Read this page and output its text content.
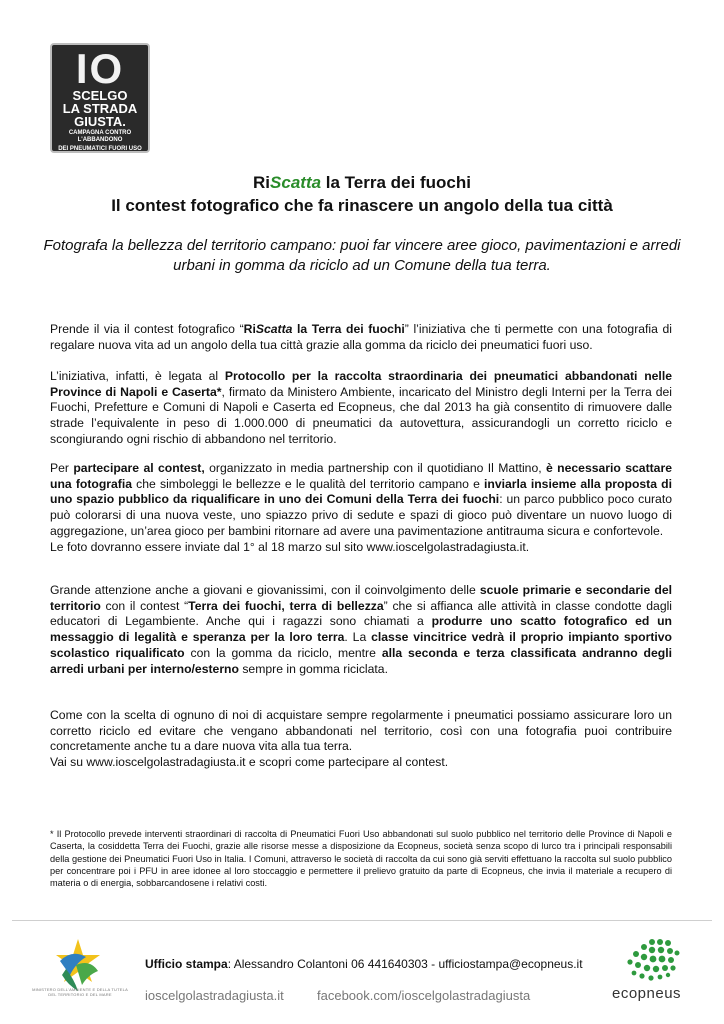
IO
SCELGO
LA STRADA
GIUSTA.
CAMPAGNA CONTRO L'ABBANDONO
DEI PNEUMATICI FUORI USO
RiScatta la Terra dei fuochi
Il contest fotografico che fa rinascere un angolo della tua città
Fotografa la bellezza del territorio campano: puoi far vincere aree gioco, pavimentazioni e arredi urbani in gomma da riciclo ad un Comune della tua terra.
Prende il via il contest fotografico “RiScatta la Terra dei fuochi” l’iniziativa che ti permette con una fotografia di regalare nuova vita ad un angolo della tua città grazie alla gomma da riciclo dei pneumatici fuori uso.
L’iniziativa, infatti, è legata al Protocollo per la raccolta straordinaria dei pneumatici abbandonati nelle Province di Napoli e Caserta*, firmato da Ministero Ambiente, incaricato del Ministro degli Interni per la Terra dei Fuochi, Prefetture e Comuni di Napoli e Caserta ed Ecopneus, che dal 2013 ha già consentito di rimuovere dalle strade l’equivalente in peso di 1.000.000 di pneumatici da autovettura, assicurandogli un corretto riciclo e scongiurando ogni rischio di abbandono nel territorio.
Per partecipare al contest, organizzato in media partnership con il quotidiano Il Mattino, è necessario scattare una fotografia che simboleggi le bellezze e le qualità del territorio campano e inviarla insieme alla proposta di uno spazio pubblico da riqualificare in uno dei Comuni della Terra dei fuochi: un parco pubblico poco curato può colorarsi di una nuova veste, uno spiazzo privo di sedute e spazi di gioco può diventare un nuovo luogo di aggregazione, un’area gioco per bambini ritornare ad avere una pavimentazione antitrauma sicura e confortevole.
Le foto dovranno essere inviate dal 1° al 18 marzo sul sito www.ioscelgolastradagiusta.it.
Grande attenzione anche a giovani e giovanissimi, con il coinvolgimento delle scuole primarie e secondarie del territorio con il contest “Terra dei fuochi, terra di bellezza” che si affianca alle attività in classe condotte dagli educatori di Legambiente. Anche qui i ragazzi sono chiamati a produrre uno scatto fotografico ed un messaggio di legalità e speranza per la loro terra. La classe vincitrice vedrà il proprio impianto sportivo scolastico riqualificato con la gomma da riciclo, mentre alla seconda e terza classificata andranno degli arredi urbani per interno/esterno sempre in gomma riciclata.
Come con la scelta di ognuno di noi di acquistare sempre regolarmente i pneumatici possiamo assicurare loro un corretto riciclo ed evitare che vengano abbandonati nel territorio, così con una fotografia puoi contribuire concretamente anche tu a dare nuova vita alla tua terra.
Vai su www.ioscelgolastradagiusta.it e scopri come partecipare al contest.
* Il Protocollo prevede interventi straordinari di raccolta di Pneumatici Fuori Uso abbandonati sul suolo pubblico nel territorio delle Province di Napoli e Caserta, la cosiddetta Terra dei Fuochi, grazie alle risorse messe a disposizione da Ecopneus, società senza scopo di lurco tra i principali responsabili della gestione dei Pneumatici Fuori Uso in Italia. I Comuni, attraverso le società di raccolta da cui sono già serviti effettuano la raccolta sul suolo pubblico per concentrare poi i PFU in aree idonee al loro stoccaggio e permettere il prelievo gratuito da parte di Ecopneus, che invia il materiale a recupero di materia o di energia, sobbarcandosene i relativi costi.
MINISTERO DELL'AMBIENTE E DELLA TUTELA DEL TERRITORIO E DEL MARE
Ufficio stampa: Alessandro Colantoni 06 441640303 - ufficiostampa@ecopneus.it
ioscelgolastradagiusta.it	facebook.com/ioscelgolastradagiusta	ecopneus
